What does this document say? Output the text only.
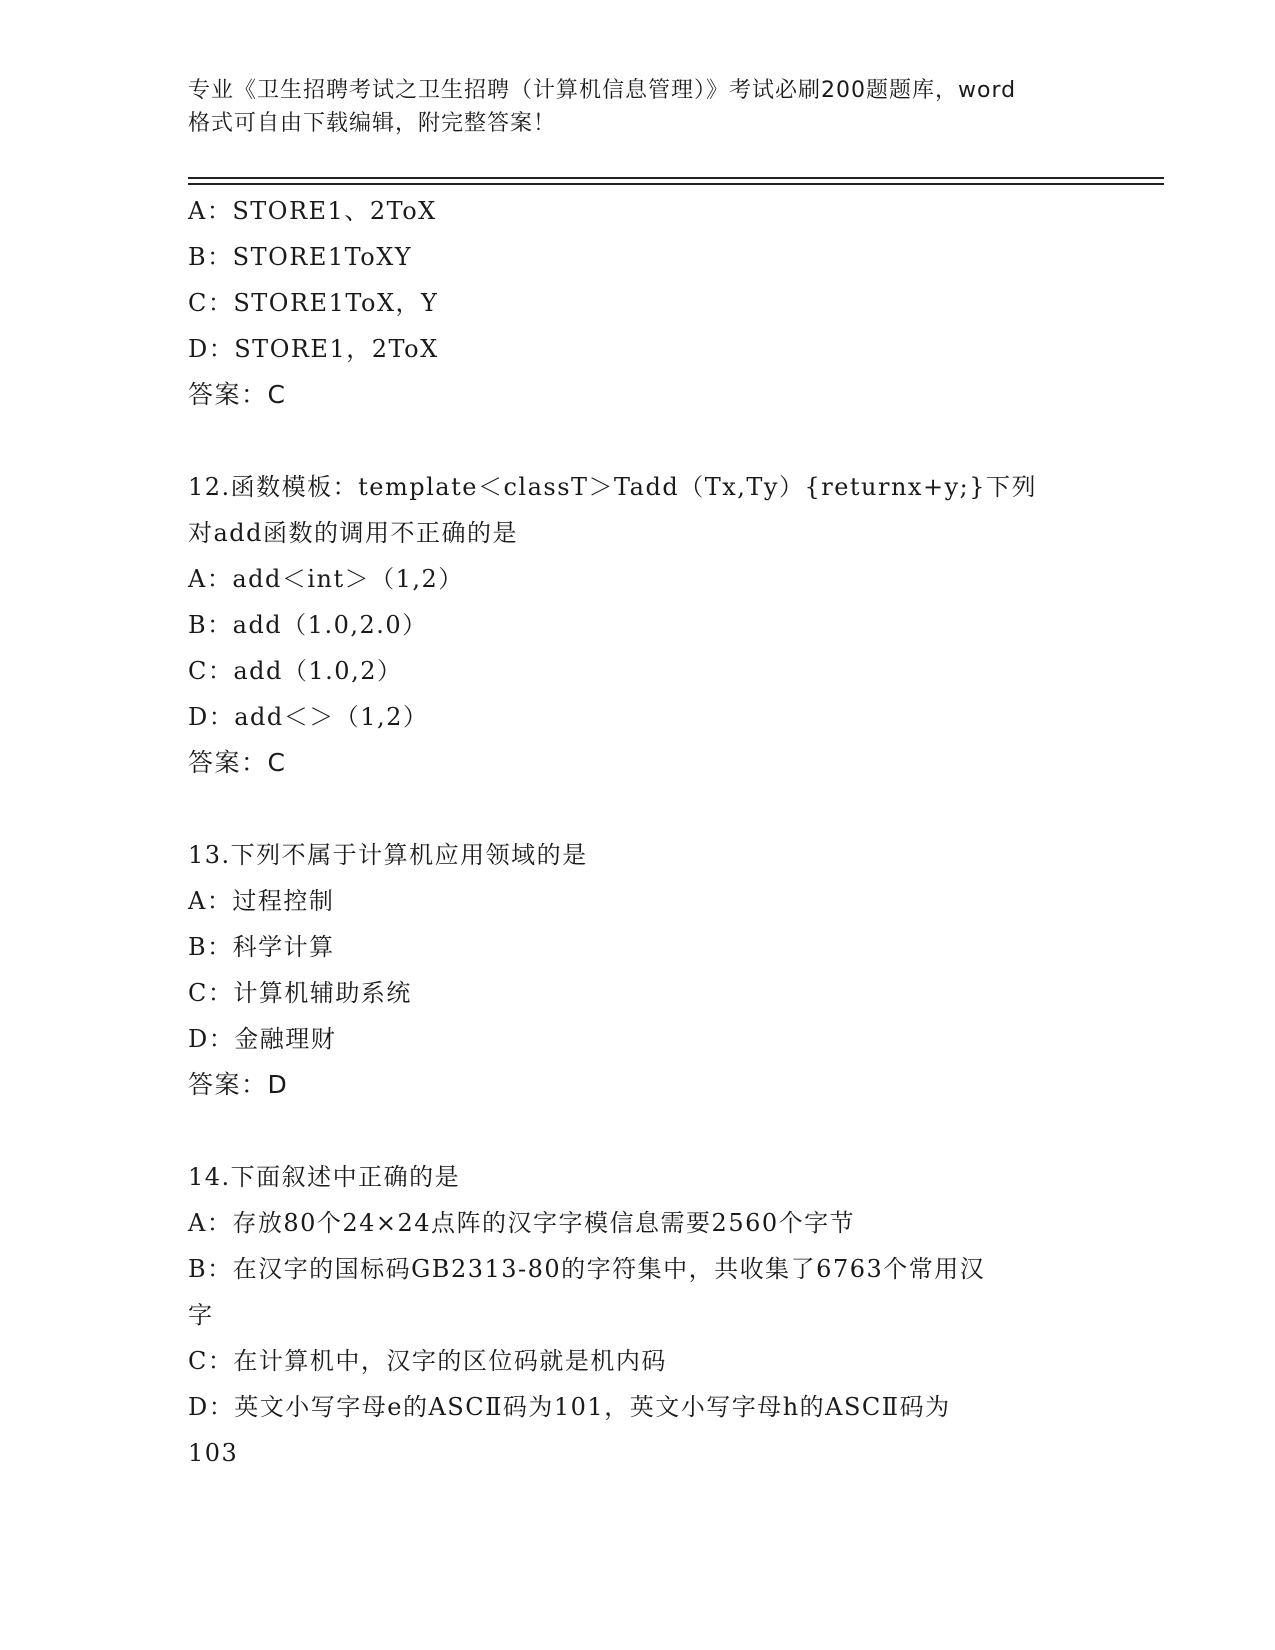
专业《卫生招聘考试之卫生招聘（计算机信息管理）》考试必刷200题题库，word
格式可自由下载编辑，附完整答案！
A：STORE1、2ToX
B：STORE1ToXY
C：STORE1ToX，Y
D：STORE1，2ToX
答案：C
12.函数模板：template＜classT＞Tadd（Tx,Ty）{returnx+y;}下列
对add函数的调用不正确的是
A：add＜int＞（1,2）
B：add（1.0,2.0）
C：add（1.0,2）
D：add＜＞（1,2）
答案：C
13.下列不属于计算机应用领域的是
A：过程控制
B：科学计算
C：计算机辅助系统
D：金融理财
答案：D
14.下面叙述中正确的是
A：存放80个24×24点阵的汉字字模信息需要2560个字节
B：在汉字的国标码GB2313-80的字符集中，共收集了6763个常用汉
字
C：在计算机中，汉字的区位码就是机内码
D：英文小写字母e的ASCⅡ码为101，英文小写字母h的ASCⅡ码为
103
